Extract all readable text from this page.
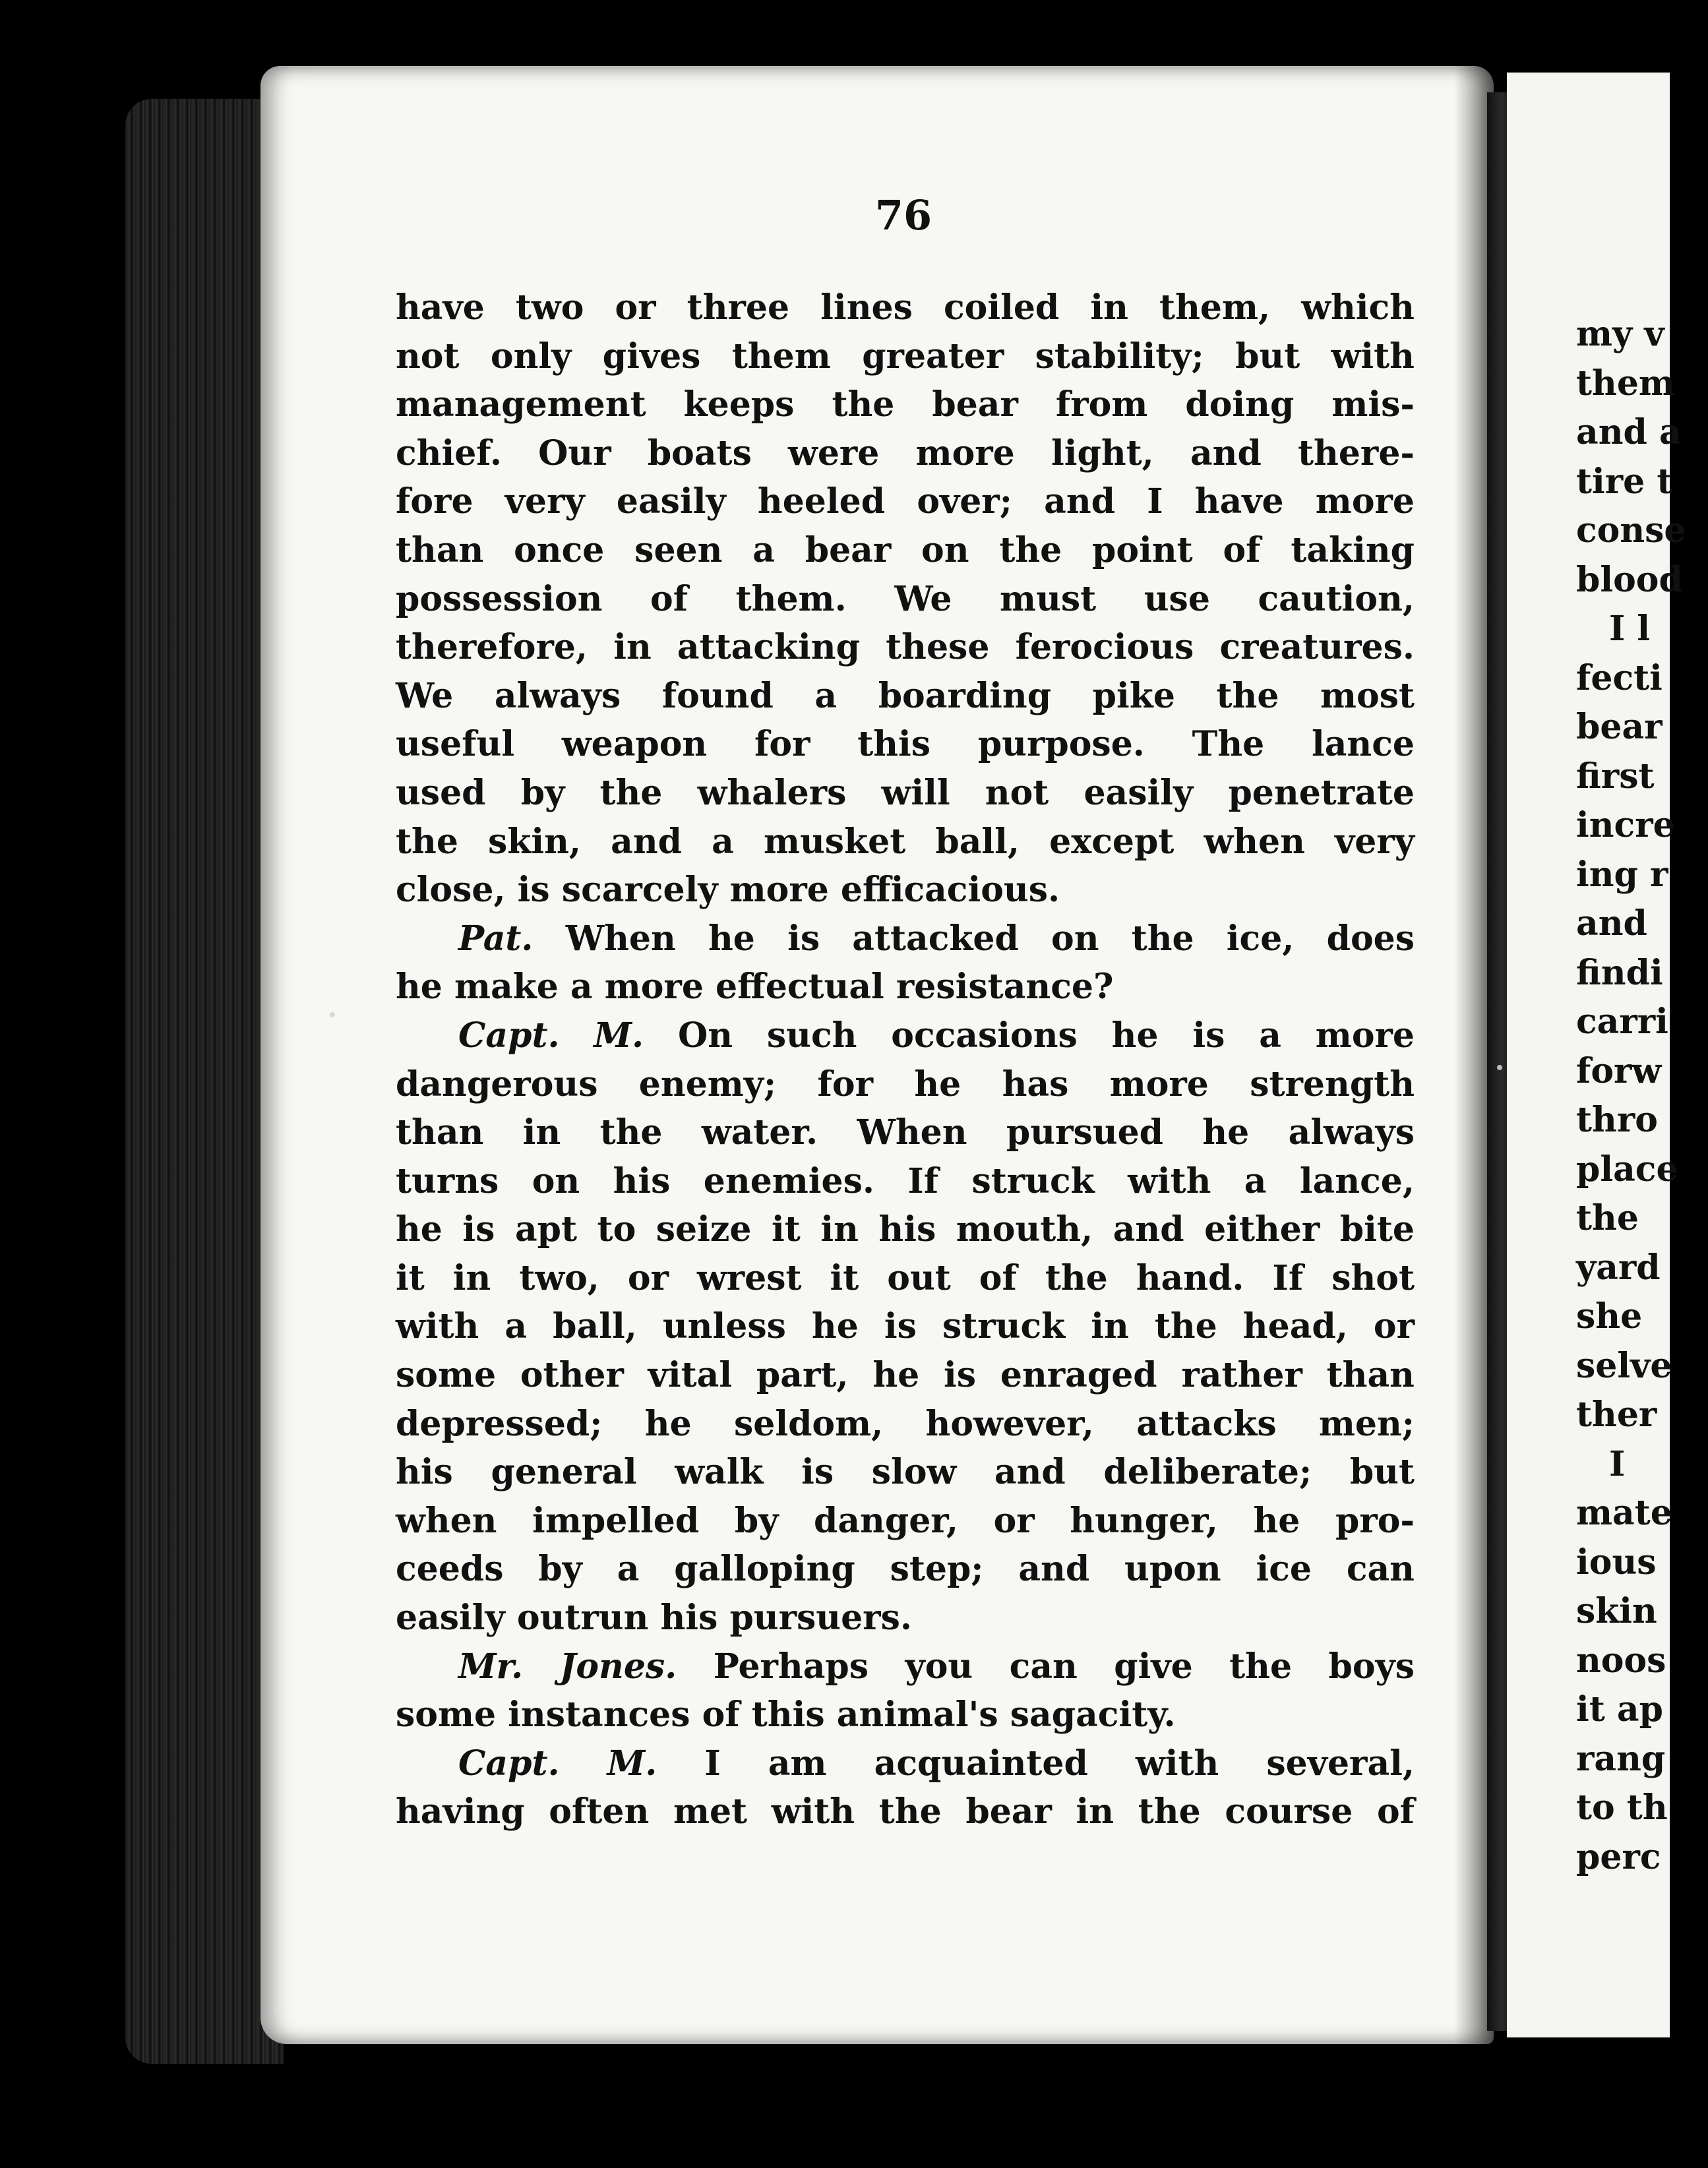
76
have two or three lines coiled in them, which
not only gives them greater stability; but with
management keeps the bear from doing mis-
chief. Our boats were more light, and there-
fore very easily heeled over; and I have more
than once seen a bear on the point of taking
possession of them. We must use caution,
therefore, in attacking these ferocious creatures.
We always found a boarding pike the most
useful weapon for this purpose. The lance
used by the whalers will not easily penetrate
the skin, and a musket ball, except when very
close, is scarcely more efficacious.
Pat. When he is attacked on the ice, does
he make a more effectual resistance?
Capt. M. On such occasions he is a more
dangerous enemy; for he has more strength
than in the water. When pursued he always
turns on his enemies. If struck with a lance,
he is apt to seize it in his mouth, and either bite
it in two, or wrest it out of the hand. If shot
with a ball, unless he is struck in the head, or
some other vital part, he is enraged rather than
depressed; he seldom, however, attacks men;
his general walk is slow and deliberate; but
when impelled by danger, or hunger, he pro-
ceeds by a galloping step; and upon ice can
easily outrun his pursuers.
Mr. Jones. Perhaps you can give the boys
some instances of this animal's sagacity.
Capt. M. I am acquainted with several,
having often met with the bear in the course of
my v
them
and a
tire t
conse
blood
I l
fecti
bear
first
incre
ing r
and
findi
carri
forw
thro
place
the
yard
she
selve
ther
I
mate
ious
skin
noos
it ap
rang
to th
perc
